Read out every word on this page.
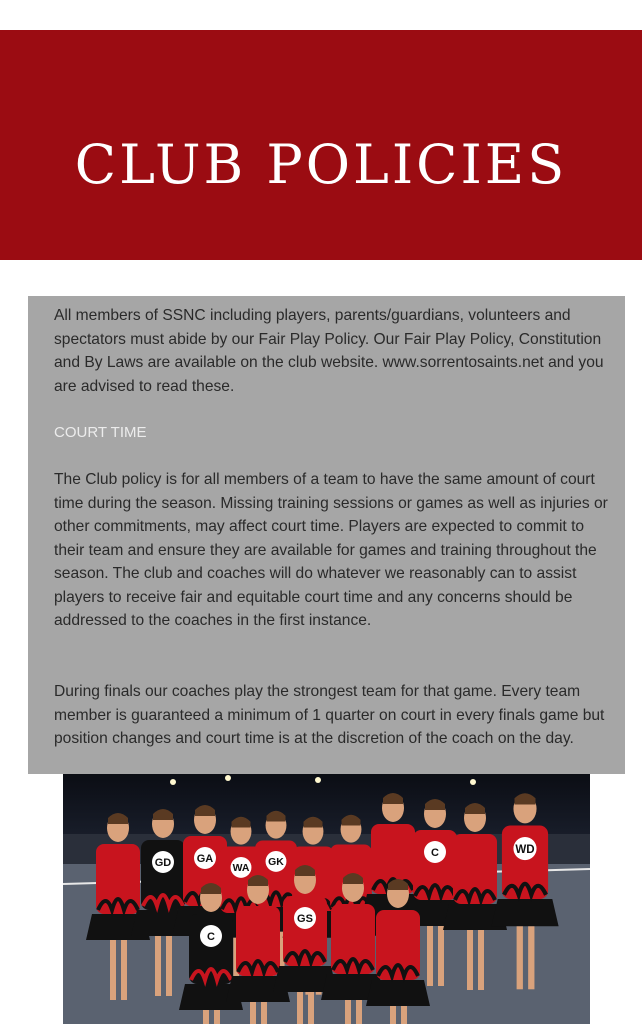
CLUB POLICIES

All members of SSNC including players, parents/guardians, volunteers and spectators must abide by our Fair Play Policy. Our Fair Play Policy, Constitution and By Laws are available on the club website. www.sorrentosaints.net and you are advised to read these.

COURT TIME

The Club policy is for all members of a team to have the same amount of court time during the season. Missing training sessions or games as well as injuries or other commitments, may affect court time. Players are expected to commit to their team and ensure they are available for games and training throughout the season. The club and coaches will do whatever we reasonably can to assist players to receive fair and equitable court time and any concerns should be addressed to the coaches in the first instance.

During finals our coaches play the strongest team for that game. Every team member is guaranteed a minimum of 1 quarter on court in every finals game but position changes and court time is at the discretion of the coach on the day.

GD GA
WA
GK
C	WD
C
GS
